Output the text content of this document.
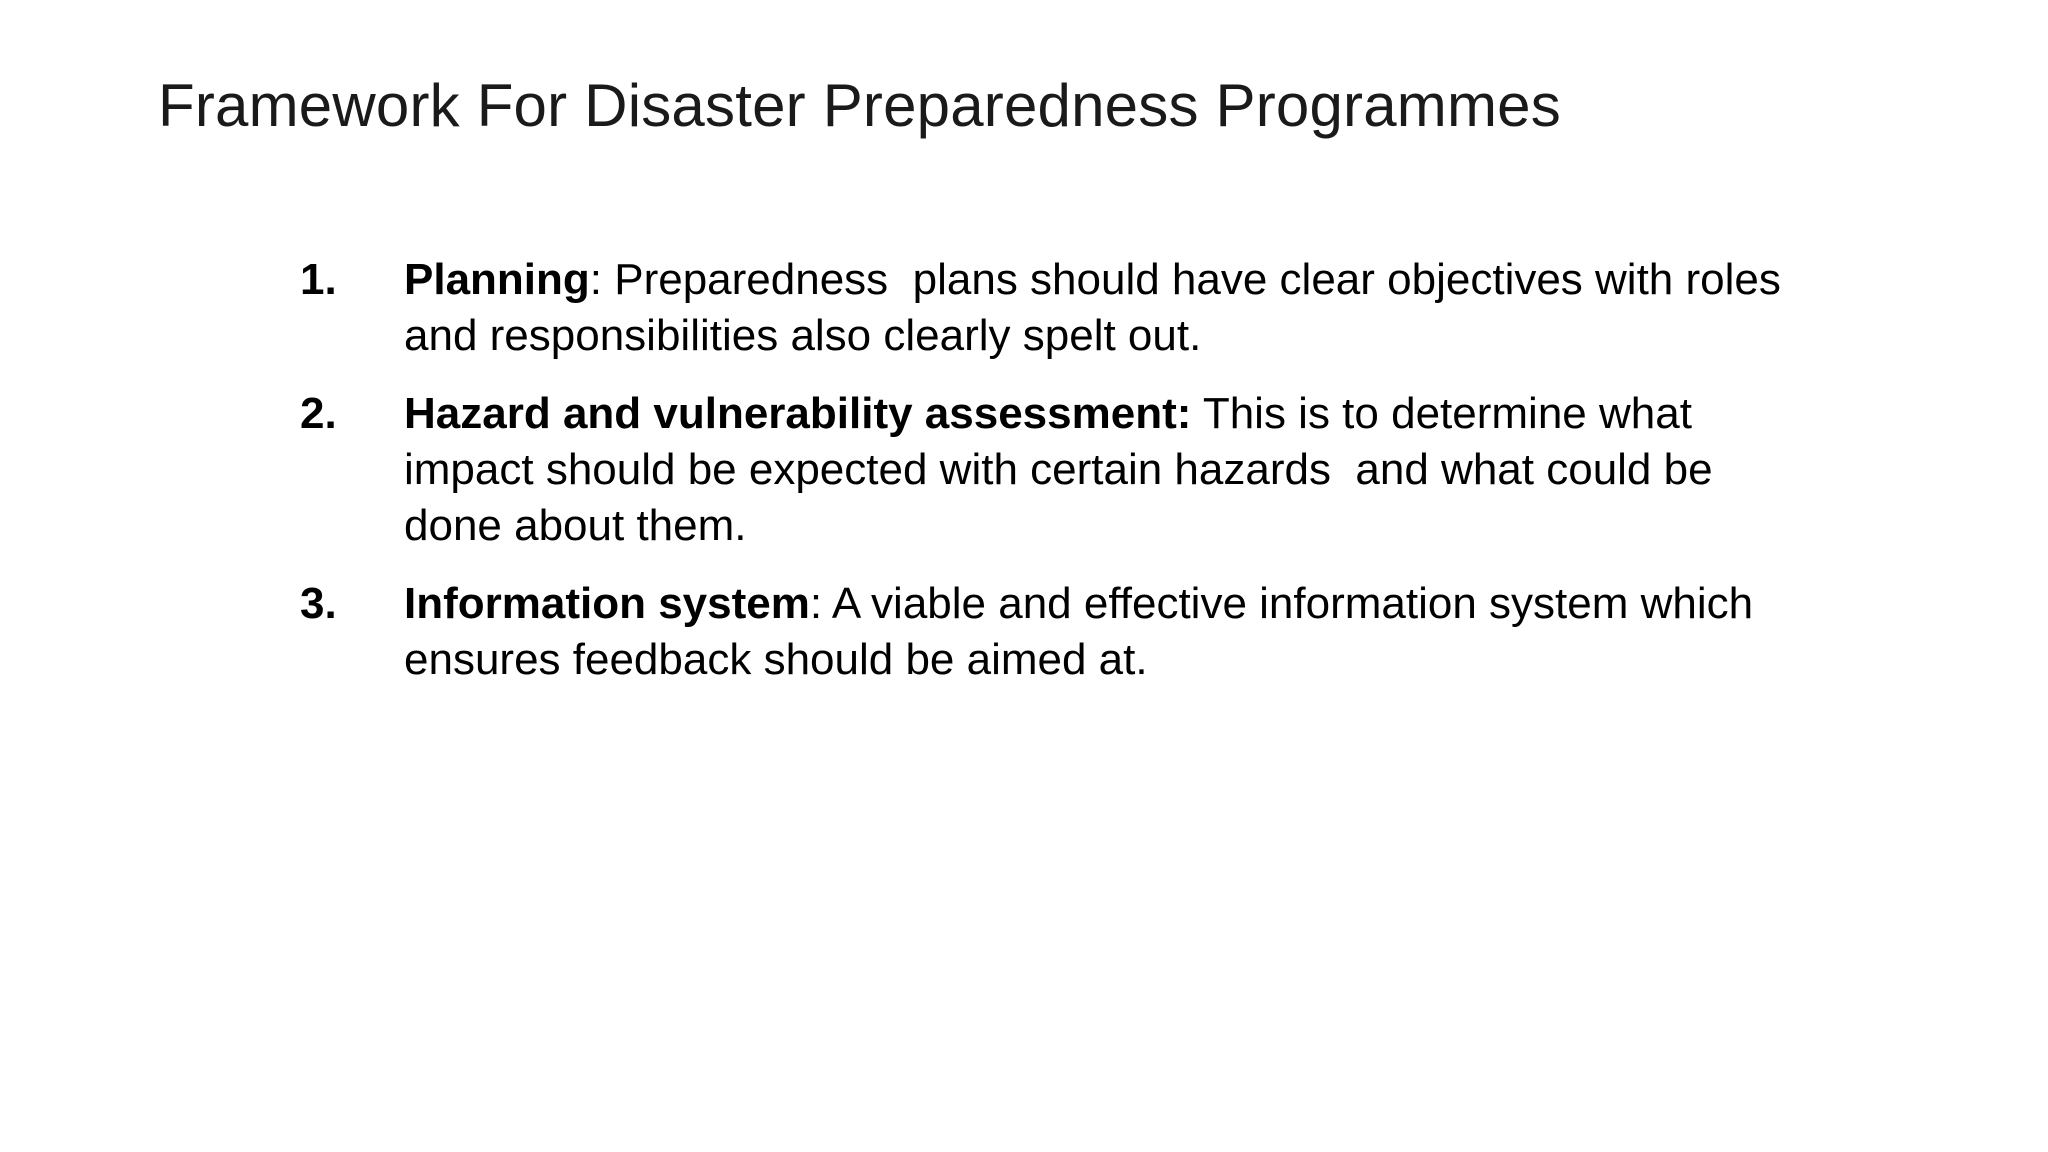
Framework For Disaster Preparedness Programmes
1.	Planning: Preparedness  plans should have clear objectives with roles and responsibilities also clearly spelt out.
2.	Hazard and vulnerability assessment: This is to determine what impact should be expected with certain hazards  and what could be done about them.
3.	Information system: A viable and effective information system which ensures feedback should be aimed at.
